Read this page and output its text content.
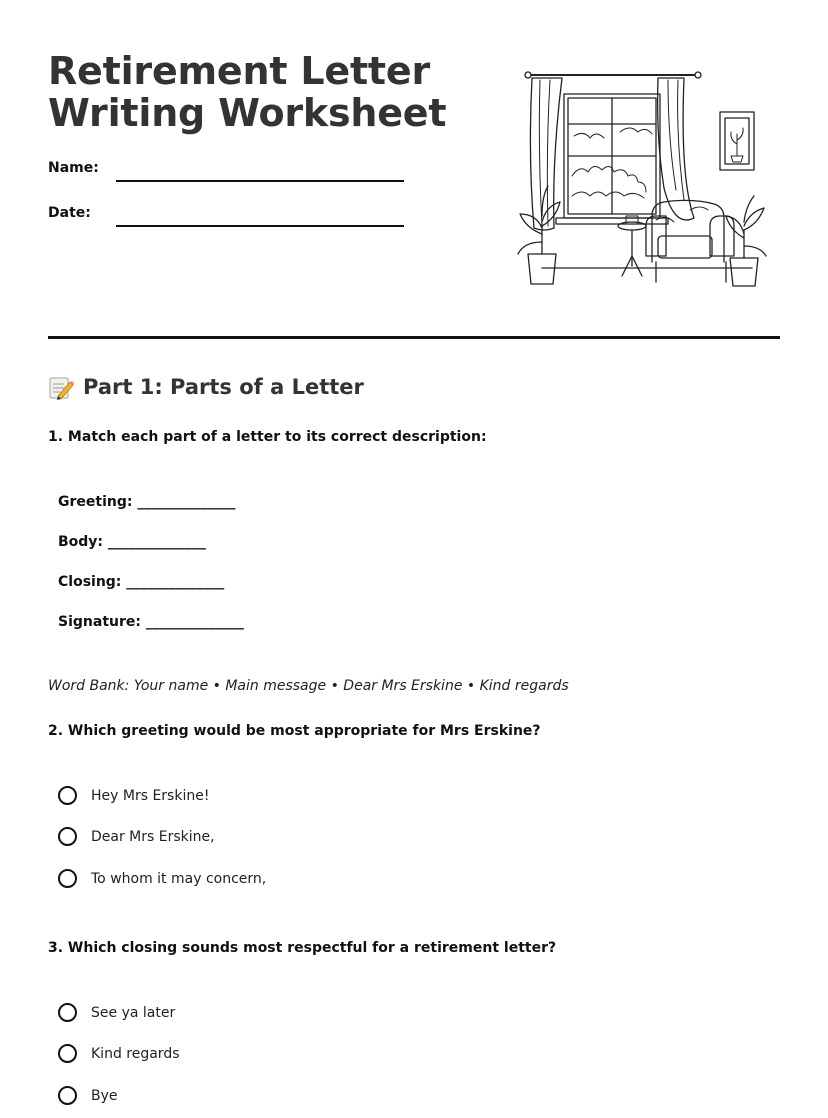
Retirement Letter
Writing Worksheet
Name:
Date:
Part 1: Parts of a Letter

1. Match each part of a letter to its correct description:

Greeting: ______________
Body: ______________
Closing: ______________
Signature: ______________
Word Bank: Your name • Main message • Dear Mrs Erskine • Kind regards

2. Which greeting would be most appropriate for Mrs Erskine?

Hey Mrs Erskine!
Dear Mrs Erskine,
To whom it may concern,

3. Which closing sounds most respectful for a retirement letter?

See ya later
Kind regards
Bye
